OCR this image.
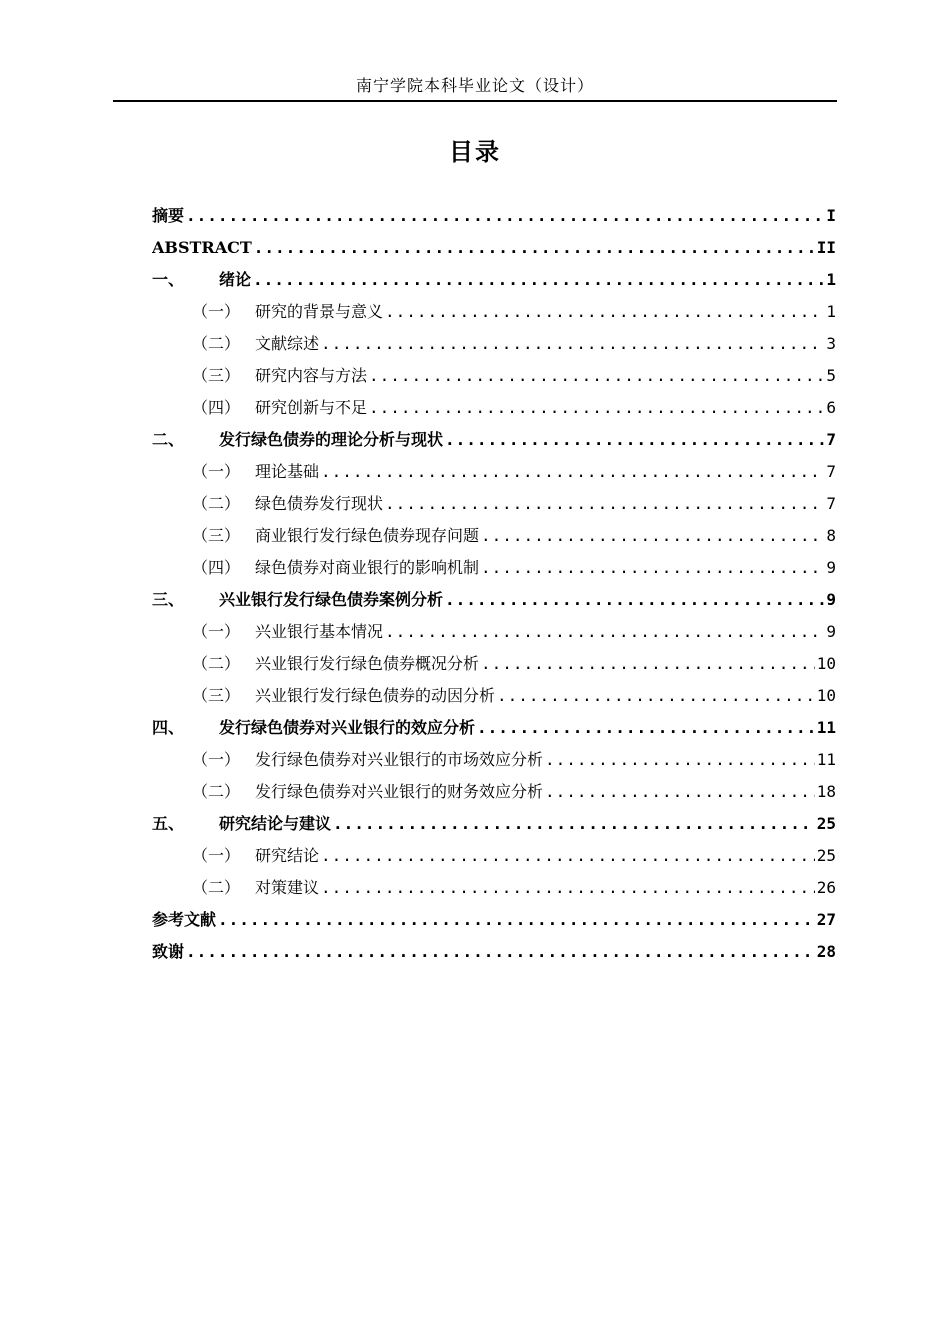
南宁学院本科毕业论文（设计）
目录
摘要 .....	I
ABSTRACT .....	II
一、	绪论 .....	1
（一） 研究的背景与意义 .....	1
（二） 文献综述 .....	3
（三） 研究内容与方法 .....	5
（四） 研究创新与不足 .....	6
二、	发行绿色债券的理论分析与现状 .....	7
（一） 理论基础 .....	7
（二） 绿色债券发行现状 .....	7
（三） 商业银行发行绿色债券现存问题 .....	8
（四） 绿色债券对商业银行的影响机制 .....	9
三、	兴业银行发行绿色债券案例分析 .....	9
（一） 兴业银行基本情况 .....	9
（二） 兴业银行发行绿色债券概况分析 .....	10
（三） 兴业银行发行绿色债券的动因分析 .....	10
四、	发行绿色债券对兴业银行的效应分析 .....	11
（一） 发行绿色债券对兴业银行的市场效应分析 .....	11
（二） 发行绿色债券对兴业银行的财务效应分析 .....	18
五、	研究结论与建议 .....	25
（一） 研究结论 .....	25
（二） 对策建议 .....	26
参考文献 .....	27
致谢 .....	28
